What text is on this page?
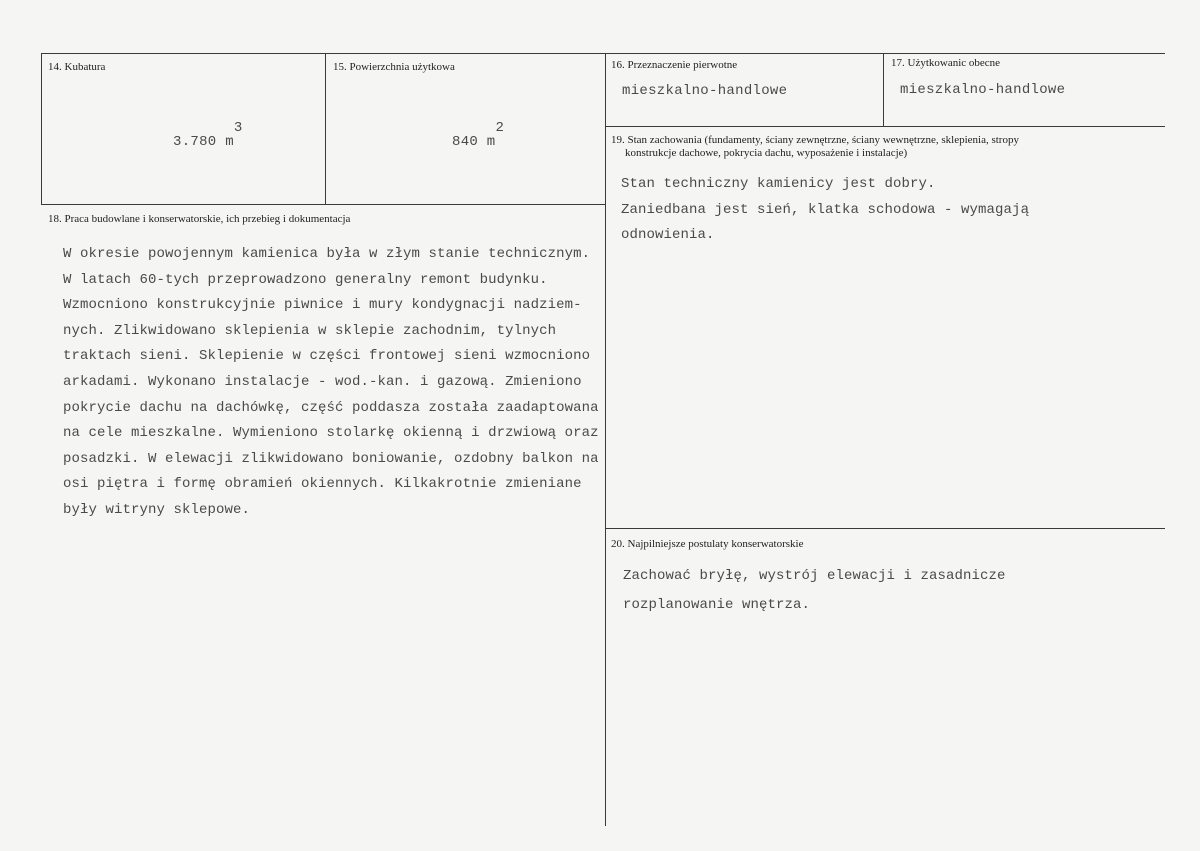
14. Kubatura
3.780 $m^3$
15. Powierzchnia użytkowa
840 $m^2$
16. Przeznaczenie pierwotne
mieszkalno-handlowe
17. Użytkowanic obecne
mieszkalno-handlowe
18. Praca budowlane i konserwatorskie, ich przebieg i dokumentacja
W okresie powojennym kamienica była w złym stanie technicznym.
W latach 60-tych przeprowadzono generalny remont budynku.
Wzmocniono konstrukcyjnie piwnice i mury kondygnacji nadziem-
nych. Zlikwidowano sklepienia w sklepie zachodnim, tylnych
traktach sieni. Sklepienie w części frontowej sieni wzmocniono
arkadami. Wykonano instalacje - wod.-kan. i gazową. Zmieniono
pokrycie dachu na dachówkę, część poddasza została zaadaptowana
na cele mieszkalne. Wymieniono stolarkę okienną i drzwiową oraz
posadzki. W elewacji zlikwidowano boniowanie, ozdobny balkon na
osi piętra i formę obramień okiennych. Kilkakrotnie zmieniane
były witryny sklepowe.
19. Stan zachowania (fundamenty, ściany zewnętrzne, ściany wewnętrzne, sklepienia, stropy
konstrukcje dachowe, pokrycia dachu, wyposażenie i instalacje)
Stan techniczny kamienicy jest dobry.
Zaniedbana jest sień, klatka schodowa - wymagają
odnowienia.
20. Najpilniejsze postulaty konserwatorskie
Zachować bryłę, wystrój elewacji i zasadnicze
rozplanowanie wnętrza.
